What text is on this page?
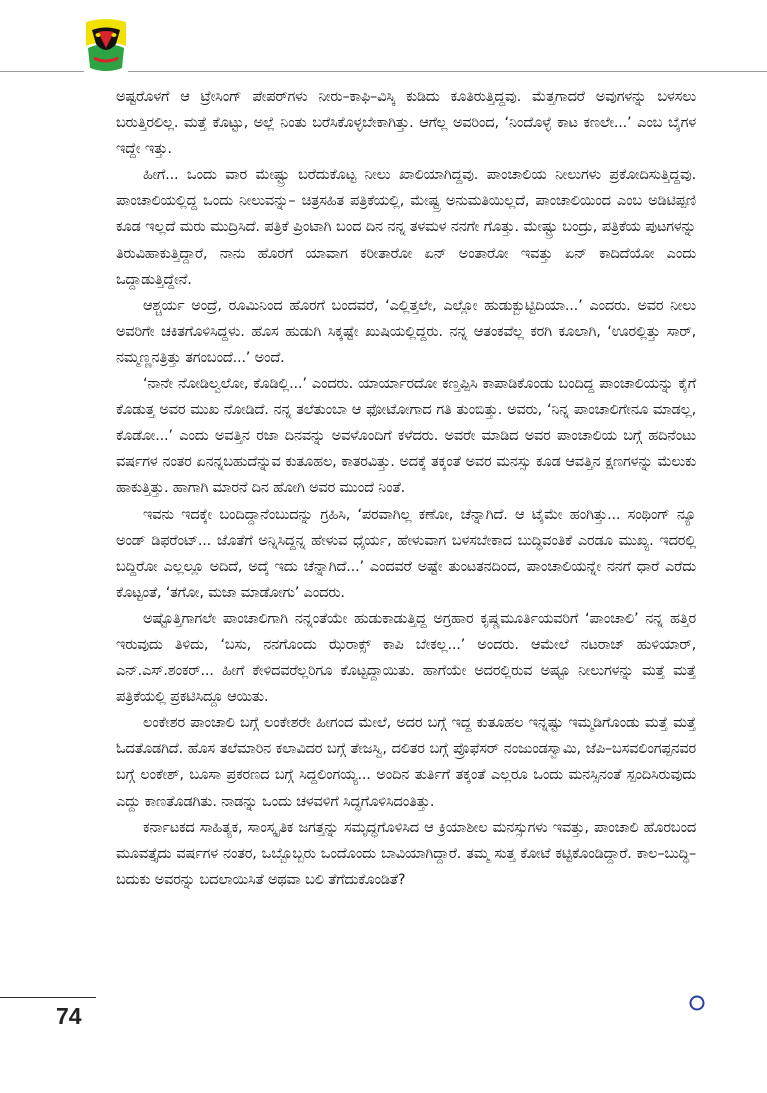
ಅಷ್ಟರೊಳಗೆ ಆ ಟ್ರೇಸಿಂಗ್ ಪೇಪರ್‌ಗಳು ನೀರು–ಕಾಫಿ–ವಿಸ್ಕಿ ಕುಡಿದು ಕೂತಿರುತ್ತಿದ್ದವು. ಮೆತ್ತಗಾದರೆ ಅವುಗಳನ್ನು ಬಳಸಲು ಬರುತ್ತಿರಲಿಲ್ಲ. ಮತ್ತೆ ಕೊಟ್ಟು, ಅಲ್ಲೆ ನಿಂತು ಬರೆಸಿಕೊಳ್ಳಬೇಕಾಗಿತ್ತು. ಆಗೆಲ್ಲ ಅವರಿಂದ, ‘ನಿಂದೊಳ್ಳೆ ಕಾಟ ಕಣಲೇ...’ ಎಂಬ ಬೈಗಳ ಇದ್ದೇ ಇತ್ತು.

ಹೀಗೆ... ಒಂದು ವಾರ ಮೇಷ್ಟ್ರು ಬರೆದುಕೊಟ್ಟ ನೀಲು ಖಾಲಿಯಾಗಿದ್ದವು. ಪಾಂಚಾಲಿಯ ನೀಲುಗಳು ಪ್ರಕೋದಿಸುತ್ತಿದ್ದವು. ಪಾಂಚಾಲಿಯಲ್ಲಿದ್ದ ಒಂದು ನೀಲುವನ್ನು– ಚಿತ್ರಸಹಿತ ಪತ್ರಿಕೆಯಲ್ಲಿ, ಮೇಷ್ಟ್ರ ಅನುಮತಿಯಿಲ್ಲದೆ, ಪಾಂಚಾಲಿಯಿಂದ ಎಂಬ ಅಡಿಟಿಪ್ಪಣಿ ಕೂಡ ಇಲ್ಲದೆ ಮರು ಮುದ್ರಿಸಿದೆ. ಪತ್ರಿಕೆ ಪ್ರಿಂಟಾಗಿ ಬಂದ ದಿನ ನನ್ನ ತಳಮಳ ನನಗೇ ಗೊತ್ತು. ಮೇಷ್ಟ್ರು ಬಂದ್ರು, ಪತ್ರಿಕೆಯ ಪುಟಗಳನ್ನು ತಿರುವಿಹಾಕುತ್ತಿದ್ದಾರೆ, ನಾನು ಹೊರಗೆ ಯಾವಾಗ ಕರೀತಾರೋ ಏನ್ ಅಂತಾರೋ ಇವತ್ತು ಏನ್ ಕಾದಿದೆಯೋ ಎಂದು ಒದ್ದಾಡುತ್ತಿದ್ದೇನೆ.

ಆಶ್ಚರ್ಯ ಅಂದ್ರೆ, ರೂಮಿನಿಂದ ಹೊರಗೆ ಬಂದವರೆ, ‘ಎಲ್ಲಿತ್ತಲೇ, ಎಲ್ಲೋ ಹುಡುಕ್ಬುಟ್ಟಿದಿಯಾ...’ ಎಂದರು. ಅವರ ನೀಲು ಅವರಿಗೇ ಚಕಿತಗೊಳಿಸಿದ್ದಳು. ಹೊಸ ಹುಡುಗಿ ಸಿಕ್ಕಷ್ಟೇ ಖುಷಿಯಲ್ಲಿದ್ದರು. ನನ್ನ ಆತಂಕವೆಲ್ಲ ಕರಗಿ ಕೂಲಾಗಿ, ‘ಊರಲ್ಲಿತ್ತು ಸಾರ್, ನಮ್ಮಣ್ಣನತ್ರಿತ್ತು ತಗಂಬಂದೆ...’ ಅಂದೆ.

‘ನಾನೇ ನೋಡಿಲ್ವಲೋ, ಕೊಡಿಲ್ಲಿ...’ ಎಂದರು. ಯಾರ್ಯಾರದೋ ಕಣ್ತಪ್ಪಿಸಿ ಕಾಪಾಡಿಕೊಂಡು ಬಂದಿದ್ದ ಪಾಂಚಾಲಿಯನ್ನು ಕೈಗೆ ಕೊಡುತ್ತ ಅವರ ಮುಖ ನೋಡಿದೆ. ನನ್ನ ತಲೆತುಂಬಾ ಆ ಫೋಟೋಗಾದ ಗತಿ ತುಂಬಿತ್ತು. ಅವರು, ‘ನಿನ್ನ ಪಾಂಚಾಲಿಗೇನೂ ಮಾಡಲ್ಲ, ಕೊಡೋ...’ ಎಂದು ಅವತ್ತಿನ ರಜಾ ದಿನವನ್ನು ಅವಳೊಂದಿಗೆ ಕಳೆದರು. ಅವರೇ ಮಾಡಿದ ಅವರ ಪಾಂಚಾಲಿಯ ಬಗ್ಗೆ ಹದಿನೆಂಟು ವರ್ಷಗಳ ನಂತರ ಏನನ್ನಬಹುದೆನ್ನುವ ಕುತೂಹಲ, ಕಾತರವಿತ್ತು. ಅದಕ್ಕೆ ತಕ್ಕಂತೆ ಅವರ ಮನಸ್ಸು ಕೂಡ ಆವತ್ತಿನ ಕ್ಷಣಗಳನ್ನು ಮೆಲುಕು ಹಾಕುತ್ತಿತ್ತು. ಹಾಗಾಗಿ ಮಾರನೆ ದಿನ ಹೋಗಿ ಅವರ ಮುಂದೆ ನಿಂತೆ.

ಇವನು ಇದಕ್ಕೇ ಬಂದಿದ್ದಾನೆಂಬುದನ್ನು ಗ್ರಹಿಸಿ, ‘ಪರವಾಗಿಲ್ಲ ಕಣೋ, ಚೆನ್ನಾಗಿದೆ. ಆ ಟೈಮೇ ಹಂಗಿತ್ತು... ಸಂಥಿಂಗ್ ನ್ಯೂ ಅಂಡ್ ಡಿಫರೆಂಟ್... ಜೊತೆಗೆ ಅನ್ನಿಸಿದ್ದನ್ನ ಹೇಳುವ ಧೈರ್ಯ, ಹೇಳುವಾಗ ಬಳಸಬೇಕಾದ ಬುದ್ಧಿವಂತಿಕೆ ಎರಡೂ ಮುಖ್ಯ. ಇದರಲ್ಲಿ ಬದ್ದಿರೋ ಎಲ್ಲಲ್ಲೂ ಅದಿದೆ, ಅದ್ಕೆ ಇದು ಚೆನ್ನಾಗಿದೆ...’ ಎಂದವರೆ ಅಷ್ಟೇ ತುಂಟತನದಿಂದ, ಪಾಂಚಾಲಿಯನ್ನೇ ನನಗೆ ಧಾರೆ ಎರೆದು ಕೊಟ್ಟಂತೆ, ‘ತಗೋ, ಮಜಾ ಮಾಡೋಗು’ ಎಂದರು.

ಅಷ್ಟೊತ್ತಿಗಾಗಲೇ ಪಾಂಚಾಲಿಗಾಗಿ ನನ್ನಂತೆಯೇ ಹುಡುಕಾಡುತ್ತಿದ್ದ ಅಗ್ರಹಾರ ಕೃಷ್ಣಮೂರ್ತಿಯವರಿಗೆ ‘ಪಾಂಚಾಲಿ’ ನನ್ನ ಹತ್ತಿರ ಇರುವುದು ತಿಳಿದು, ‘ಬಸು, ನನಗೊಂದು ಝೆರಾಕ್ಸ್ ಕಾಪಿ ಬೇಕಲ್ಲ...’ ಅಂದರು. ಆಮೇಲೆ ನಟರಾಜ್ ಹುಳಿಯಾರ್, ಎನ್.ಎಸ್.ಶಂಕರ್... ಹೀಗೆ ಕೇಳಿದವರೆಲ್ಲರಿಗೂ ಕೊಟ್ಟದ್ದಾಯಿತು. ಹಾಗೆಯೇ ಅದರಲ್ಲಿರುವ ಅಷ್ಟೂ ನೀಲುಗಳನ್ನು ಮತ್ತೆ ಮತ್ತೆ ಪತ್ರಿಕೆಯಲ್ಲಿ ಪ್ರಕಟಿಸಿದ್ದೂ ಆಯಿತು.

ಲಂಕೇಶರ ಪಾಂಚಾಲಿ ಬಗ್ಗೆ ಲಂಕೇಶರೇ ಹೀಗಂದ ಮೇಲೆ, ಅದರ ಬಗ್ಗೆ ಇದ್ದ ಕುತೂಹಲ ಇನ್ನಷ್ಟು ಇಮ್ಮಡಿಗೊಂಡು ಮತ್ತೆ ಮತ್ತೆ ಓದತೊಡಗಿದೆ. ಹೊಸ ತಲೆಮಾರಿನ ಕಲಾವಿದರ ಬಗ್ಗೆ ತೇಜಸ್ವಿ, ದಲಿತರ ಬಗ್ಗೆ ಪ್ರೊಫೆಸರ್ ನಂಜುಂಡಸ್ವಾಮಿ, ಜೆಪಿ–ಬಸವಲಿಂಗಪ್ಪನವರ ಬಗ್ಗೆ ಲಂಕೇಶ್, ಬೂಸಾ ಪ್ರಕರಣದ ಬಗ್ಗೆ ಸಿದ್ದಲಿಂಗಯ್ಯ... ಅಂದಿನ ತುರ್ತಿಗೆ ತಕ್ಕಂತೆ ಎಲ್ಲರೂ ಒಂದು ಮನಸ್ಸಿನಂತೆ ಸ್ಪಂದಿಸಿರುವುದು ಎದ್ದು ಕಾಣತೊಡಗಿತು. ನಾಡನ್ನು ಒಂದು ಚಳವಳಿಗೆ ಸಿದ್ಧಗೊಳಿಸಿದಂತಿತ್ತು.

ಕರ್ನಾಟಕದ ಸಾಹಿತ್ಯಕ, ಸಾಂಸ್ಕೃತಿಕ ಜಗತ್ತನ್ನು ಸಮೃದ್ಧಗೊಳಿಸಿದ ಆ ಕ್ರಿಯಾಶೀಲ ಮನಸ್ಸುಗಳು ಇವತ್ತು, ಪಾಂಚಾಲಿ ಹೊರಬಂದ ಮೂವತ್ತೈದು ವರ್ಷಗಳ ನಂತರ, ಒಬ್ಬೊಬ್ಬರು ಒಂದೊಂದು ಬಾವಿಯಾಗಿದ್ದಾರೆ. ತಮ್ಮ ಸುತ್ತ ಕೋಟೆ ಕಟ್ಟಿಕೊಂಡಿದ್ದಾರೆ. ಕಾಲ–ಬುದ್ಧಿ–ಬದುಕು ಅವರನ್ನು ಬದಲಾಯಿಸಿತೆ ಅಥವಾ ಬಲಿ ತೆಗೆದುಕೊಂಡಿತೆ?

74
